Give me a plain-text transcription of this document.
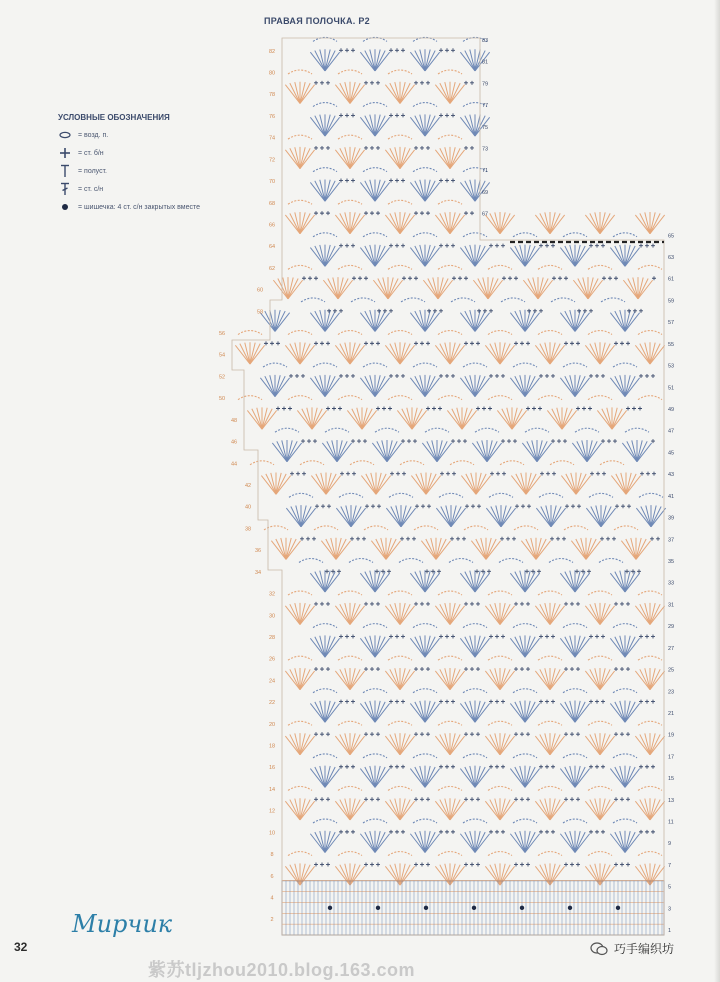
ПРАВАЯ ПОЛОЧКА. Р2
УСЛОВНЫЕ ОБОЗНАЧЕНИЯ
= возд. п.
= ст. б/н
= полуст.
= ст. с/н
= шишечка: 4 ст. с/н закрытых вместе
83
81
79
77
75
73
71
69
67
65
63
61
59
57
55
53
51
49
47
45
43
41
39
37
35
33
31
29
27
25
23
21
19
17
15
13
11
9
7
5
3
1
82
80
78
76
74
72
70
68
66
64
62
60
58
56
54
52
50
48
46
44
42
40
38
36
34
32
30
28
26
24
22
20
18
16
14
12
10
8
6
4
2
Мирчик
32
紫苏tljzhou2010.blog.163.com
巧手编织坊
